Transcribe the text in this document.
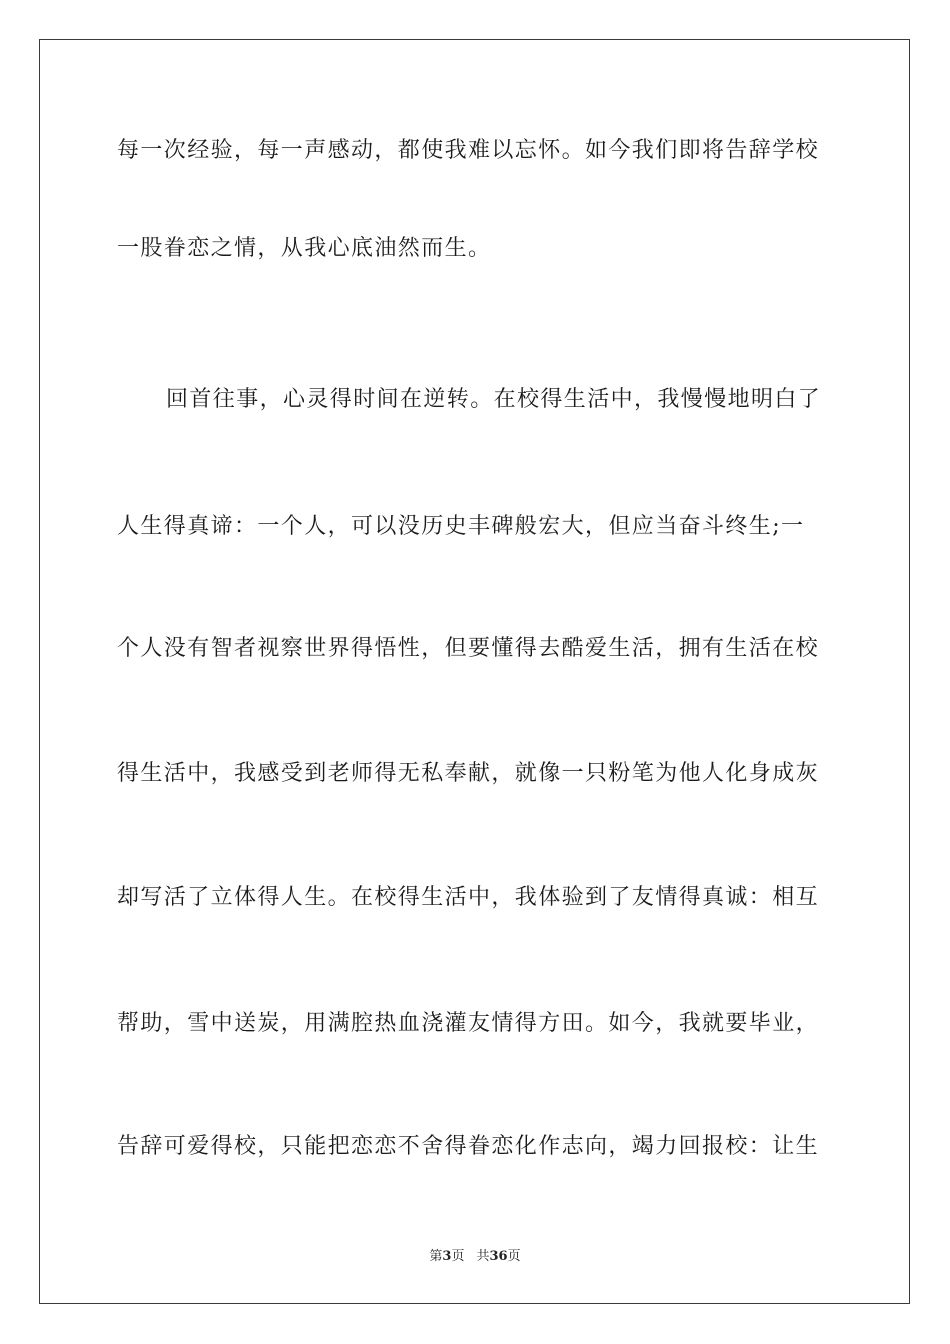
每一次经验，每一声感动，都使我难以忘怀。如今我们即将告辞学校
一股眷恋之情，从我心底油然而生。
回首往事，心灵得时间在逆转。在校得生活中，我慢慢地明白了
人生得真谛：一个人，可以没历史丰碑般宏大，但应当奋斗终生;一
个人没有智者视察世界得悟性，但要懂得去酷爱生活，拥有生活在校
得生活中，我感受到老师得无私奉献，就像一只粉笔为他人化身成灰
却写活了立体得人生。在校得生活中，我体验到了友情得真诚：相互
帮助，雪中送炭，用满腔热血浇灌友情得方田。如今，我就要毕业，
告辞可爱得校，只能把恋恋不舍得眷恋化作志向，竭力回报校：让生
第3页 共36页
